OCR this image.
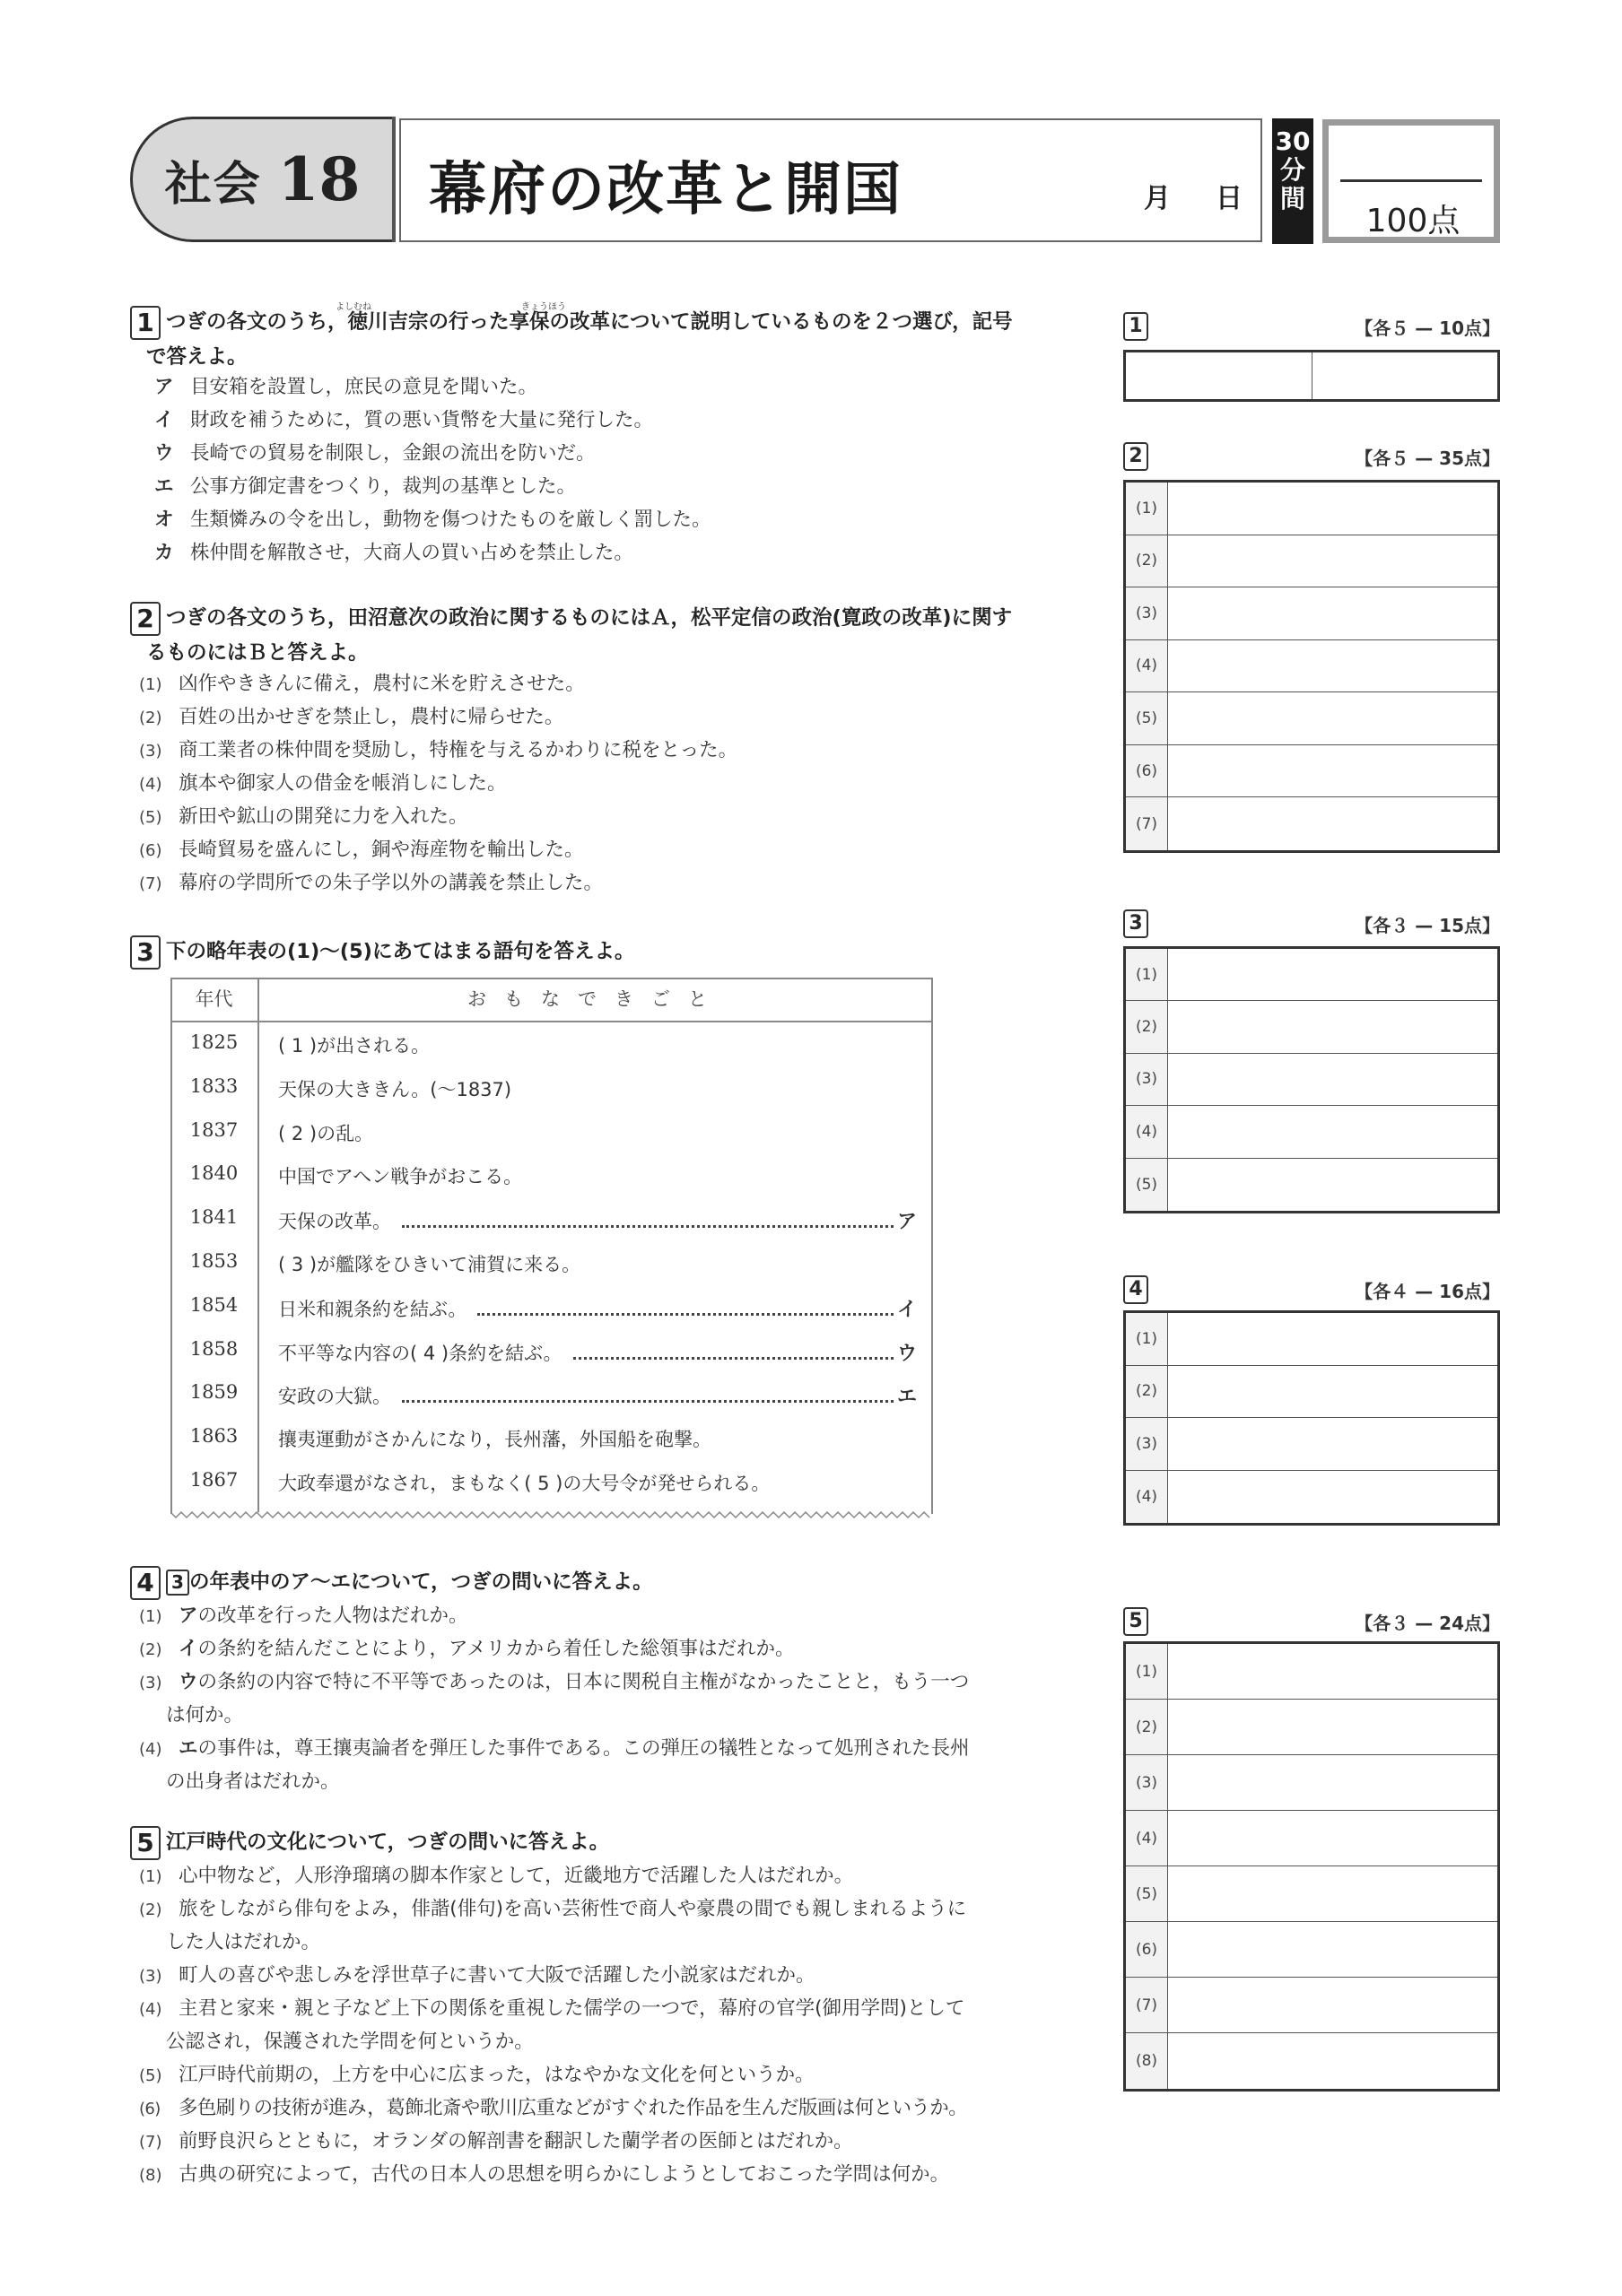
社会 18 幕府の改革と開国	月 日
30
分
間
100点
1 つぎの各文のうち，徳川吉宗の行った享保の改革について説明しているものを２つ選び，記号
で答えよ。
よしむね	きょうほう
ア 目安箱を設置し，庶民の意見を聞いた。
イ 財政を補うために，質の悪い貨幣を大量に発行した。
ウ 長崎での貿易を制限し，金銀の流出を防いだ。
エ 公事方御定書をつくり，裁判の基準とした。
オ 生類憐みの令を出し，動物を傷つけたものを厳しく罰した。
カ 株仲間を解散させ，大商人の買い占めを禁止した。
2 つぎの各文のうち，田沼意次の政治に関するものにはＡ，松平定信の政治(寛政の改革)に関す
るものにはＢと答えよ。
(1) 凶作やききんに備え，農村に米を貯えさせた。
(2) 百姓の出かせぎを禁止し，農村に帰らせた。
(3) 商工業者の株仲間を奨励し，特権を与えるかわりに税をとった。
(4) 旗本や御家人の借金を帳消しにした。
(5) 新田や鉱山の開発に力を入れた。
(6) 長崎貿易を盛んにし，銅や海産物を輸出した。
(7) 幕府の学問所での朱子学以外の講義を禁止した。
3 下の略年表の(1)～(5)にあてはまる語句を答えよ。
年代	おもなできごと
1825	( 1 )が出される。
1833	天保の大ききん。(～1837)
1837	( 2 )の乱。
1840	中国でアヘン戦争がおこる。
1841	天保の改革。	ア
1853	( 3 )が艦隊をひきいて浦賀に来る。
1854	日米和親条約を結ぶ。	イ
1858	不平等な内容の( 4 )条約を結ぶ。	ウ
1859	安政の大獄。	エ
1863	攘夷運動がさかんになり，長州藩，外国船を砲撃。
1867	大政奉還がなされ，まもなく( 5 )の大号令が発せられる。
4 3 の年表中のア～エについて，つぎの問いに答えよ。
(1) アの改革を行った人物はだれか。
(2) イの条約を結んだことにより，アメリカから着任した総領事はだれか。
(3) ウの条約の内容で特に不平等であったのは，日本に関税自主権がなかったことと，もう一つ
は何か。
(4) エの事件は，尊王攘夷論者を弾圧した事件である。この弾圧の犠牲となって処刑された長州
の出身者はだれか。
5 江戸時代の文化について，つぎの問いに答えよ。
(1) 心中物など，人形浄瑠璃の脚本作家として，近畿地方で活躍した人はだれか。
(2) 旅をしながら俳句をよみ，俳諧(俳句)を高い芸術性で商人や豪農の間でも親しまれるように
した人はだれか。
(3) 町人の喜びや悲しみを浮世草子に書いて大阪で活躍した小説家はだれか。
(4) 主君と家来・親と子など上下の関係を重視した儒学の一つで，幕府の官学(御用学問)として
公認され，保護された学問を何というか。
(5) 江戸時代前期の，上方を中心に広まった，はなやかな文化を何というか。
(6) 多色刷りの技術が進み，葛飾北斎や歌川広重などがすぐれた作品を生んだ版画は何というか。
(7) 前野良沢らとともに，オランダの解剖書を翻訳した蘭学者の医師とはだれか。
(8) 古典の研究によって，古代の日本人の思想を明らかにしようとしておこった学問は何か。
1	【各５ — 10点】
2	【各５ — 35点】
(1)
(2)
(3)
(4)
(5)
(6)
(7)
3	【各３ — 15点】
(1)
(2)
(3)
(4)
(5)
4	【各４ — 16点】
(1)
(2)
(3)
(4)
5	【各３ — 24点】
(1)
(2)
(3)
(4)
(5)
(6)
(7)
(8)
